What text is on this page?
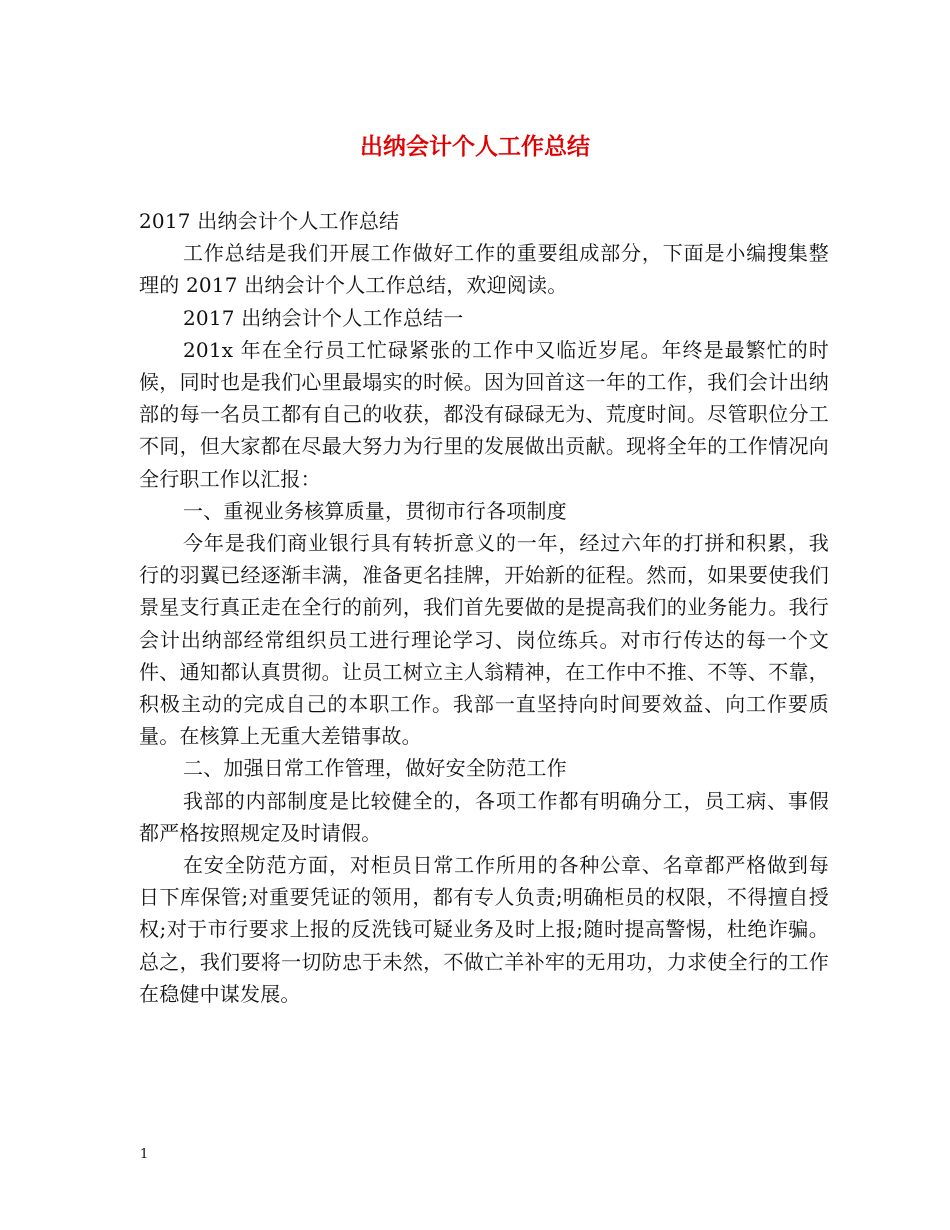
出纳会计个人工作总结

2017 出纳会计个人工作总结

工作总结是我们开展工作做好工作的重要组成部分，下面是小编搜集整理的 2017 出纳会计个人工作总结，欢迎阅读。

2017 出纳会计个人工作总结一

201x 年在全行员工忙碌紧张的工作中又临近岁尾。年终是最繁忙的时候，同时也是我们心里最塌实的时候。因为回首这一年的工作，我们会计出纳部的每一名员工都有自己的收获，都没有碌碌无为、荒度时间。尽管职位分工不同，但大家都在尽最大努力为行里的发展做出贡献。现将全年的工作情况向全行职工作以汇报：

一、重视业务核算质量，贯彻市行各项制度

今年是我们商业银行具有转折意义的一年，经过六年的打拼和积累，我行的羽翼已经逐渐丰满，准备更名挂牌，开始新的征程。然而，如果要使我们景星支行真正走在全行的前列，我们首先要做的是提高我们的业务能力。我行会计出纳部经常组织员工进行理论学习、岗位练兵。对市行传达的每一个文件、通知都认真贯彻。让员工树立主人翁精神，在工作中不推、不等、不靠，积极主动的完成自己的本职工作。我部一直坚持向时间要效益、向工作要质量。在核算上无重大差错事故。

二、加强日常工作管理，做好安全防范工作

我部的内部制度是比较健全的，各项工作都有明确分工，员工病、事假都严格按照规定及时请假。

在安全防范方面，对柜员日常工作所用的各种公章、名章都严格做到每日下库保管;对重要凭证的领用，都有专人负责;明确柜员的权限，不得擅自授权;对于市行要求上报的反洗钱可疑业务及时上报;随时提高警惕，杜绝诈骗。总之，我们要将一切防忠于未然，不做亡羊补牢的无用功，力求使全行的工作在稳健中谋发展。

1
